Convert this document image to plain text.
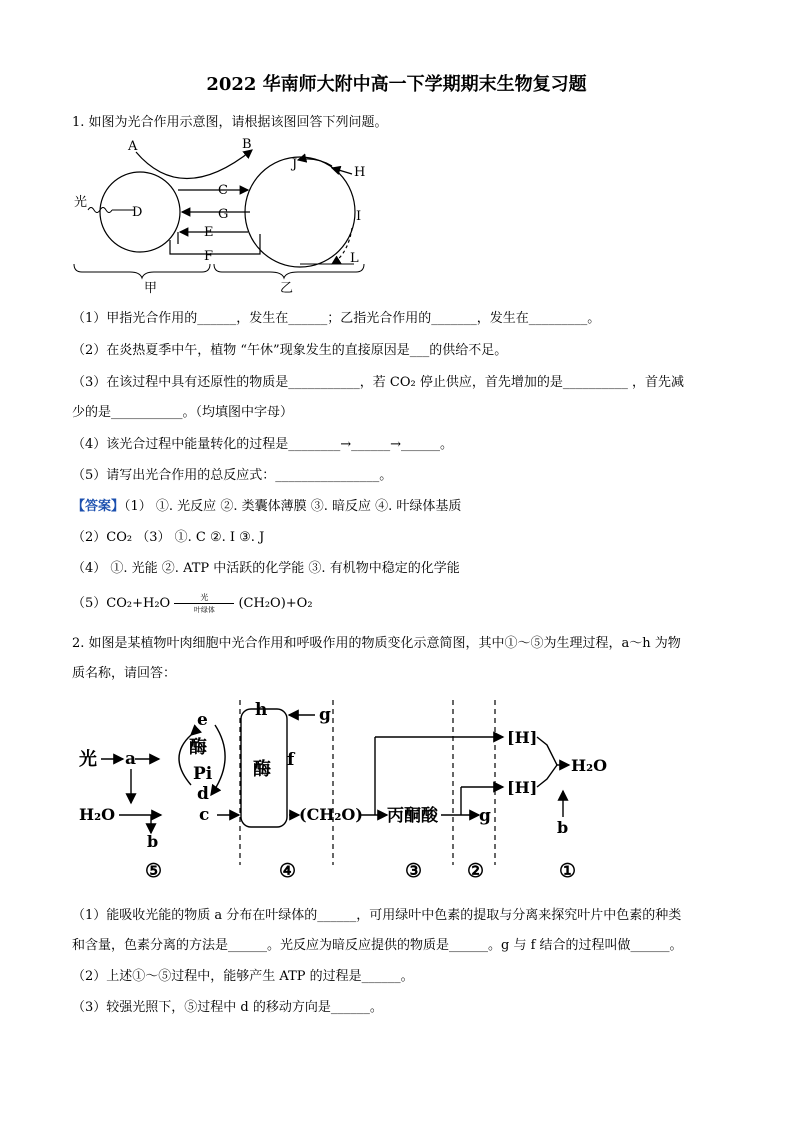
2022 华南师大附中高一下学期期末生物复习题
1. 如图为光合作用示意图，请根据该图回答下列问题。
A	B
光
D
C
G
E
F
J
H
I
L
甲	乙
（1）甲指光合作用的______，发生在______；乙指光合作用的_______，发生在_________。
（2）在炎热夏季中午，植物 “午休”现象发生的直接原因是___的供给不足。
（3）在该过程中具有还原性的物质是___________，若 CO₂ 停止供应，首先增加的是__________ ，首先减
少的是___________。（均填图中字母）
（4）该光合过程中能量转化的过程是________→______→______。
（5）请写出光合作用的总反应式：________________。
【答案】（1） ①. 光反应 ②. 类囊体薄膜 ③. 暗反应 ④. 叶绿体基质
（2）CO₂ （3） ①. C ②. I ③. J
（4） ①. 光能 ②. ATP 中活跃的化学能 ③. 有机物中稳定的化学能
（5）CO₂+H₂O	光
叶绿体	(CH₂O)+O₂
2. 如图是某植物叶肉细胞中光合作用和呼吸作用的物质变化示意简图，其中①～⑤为生理过程，a～h 为物
质名称，请回答：
光 a
H₂O
b
c
e
酶
Pi
d
h	g
酶 f
(CH₂O) 丙酮酸 g
[H]
[H]
H₂O
b
⑤	④	③ ②	①
（1）能吸收光能的物质 a 分布在叶绿体的______，可用绿叶中色素的提取与分离来探究叶片中色素的种类
和含量，色素分离的方法是______。光反应为暗反应提供的物质是______。g 与 f 结合的过程叫做______。
（2）上述①～⑤过程中，能够产生 ATP 的过程是______。
（3）较强光照下，⑤过程中 d 的移动方向是______。
